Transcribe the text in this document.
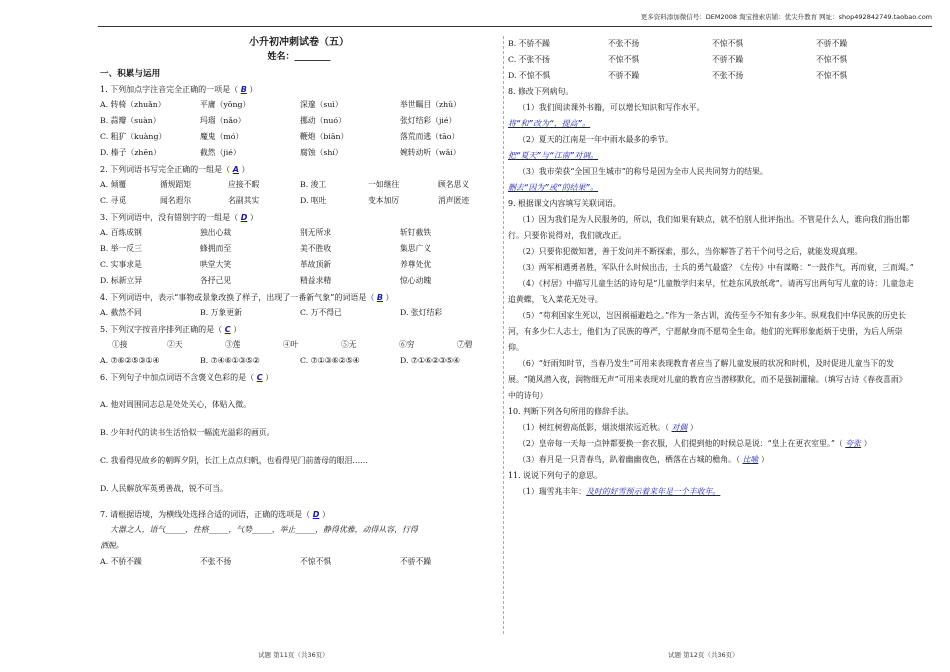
更多资料添加微信号：DEM2008 淘宝搜索店铺：优尖升教育 网址：shop492842749.taobao.com
小升初冲刺试卷（五）
姓名：________
一、积累与运用
1. 下列加点字注音完全正确的一项是（ B ）
A. 转椅（zhuǎn）	平庸（yōng）	深邃（suì）	举世瞩目（zhǔ）
B. 蒜瓣（suàn）	玛瑙（nǎo）	挪动（nuó）	张灯结彩（jié）
C. 粗犷（kuàng）	魔鬼（mó）	鞭炮（biān）	落荒而逃（tāo）
D. 榛子（zhēn）	截然（jié）	腐蚀（shí）	婉转动听（wǎi）
2. 下列词语书写完全正确的一组是（ A ）
A. 倾覆	循规蹈矩	应接不暇	B. 浚工	一如继往	顾名思义
C. 寻觅	闻名遐尔	名副其实	D. 呕吐	变本加厉	消声匿迹
3. 下列词语中，没有错别字的一组是（ D ）
A. 百炼成钢	独出心裁	别无所求	斩钉截铁
B. 举一反三	蜂拥而至	美不胜收	集思广义
C. 实事求是	哄堂大笑	革故顶新	养尊处优
D. 标新立异	各抒己见	精益求精	惊心动魄
4. 下列词语中，表示“事物或景象改换了样子，出现了一番新气象”的词语是（ B ）
A. 截然不同	B. 万象更新	C. 万不得已	D. 张灯结彩
5. 下列汉字按音序排列正确的是（ C ）
①接	②天	③莲	④叶	⑤无	⑥穷	⑦碧
A. ⑦⑥②⑤③①④	B. ⑦④⑥①③⑤②	C. ⑦①③⑥②⑤④	D. ⑦①⑥②③⑤④
6. 下列句子中加点词语不含褒义色彩的是（ C ）
A. 他对周围同志总是处处关心，体贴入微。
B. 少年时代的读书生活恰似一幅流光溢彩的画页。
C. 我看得见故乡的朝晖夕阴，长江上点点归帆，也看得见门前蔷母的眼泪……
D. 人民解放军英勇善战，锐不可当。
7. 请根据语境，为横线处选择合适的词语，正确的选项是（ D ）
大器之人，语气_____，性格_____，气势_____，举止_____，静得优雅，动得从容，行得
洒脱。
A. 不骄不躁	不张不扬	不惊不惧	不骄不躁
试题 第11页（共36页）
B. 不骄不躁	不张不扬	不惊不惧	不骄不躁
C. 不张不扬	不惊不惧	不骄不躁	不惊不惧
D. 不惊不惧	不骄不躁	不张不扬	不惊不惧
8. 修改下列病句。
（1）我们阅读课外书籍，可以增长知识和写作水平。
将“和”改为“，提高”。
（2）夏天的江南是一年中雨水最多的季节。
把“夏天”与“江南”对调。
（3）我市荣获“全国卫生城市”的称号是因为全市人民共同努力的结果。
删去“因为”或“的结果”。
9. 根据课文内容填写关联词语。
（1）因为我们是为人民服务的，所以，我们如果有缺点，就不怕别人批评指出。不管是什么人，谁向我们指出都行。只要你说得对，我们就改正。
（2）只要你犯微知著，善于发问并不断探索，那么，当你解答了若干个问号之后，就能发现真理。
（3）两军相遇勇者胜，军队什么时候出击，士兵的勇气最盛？《左传》中有谋略：“一鼓作气，再而衰，三而竭。”
（4）《村居》中描写儿童生活的诗句是“儿童散学归来早，忙趁东风放纸鸢”。请再写出两句写儿童的诗：儿童急走追黄蝶，飞入菜花无处寻。
（5）“苟利国家生死以，岂因祸福避趋之。”作为一条古训，流传至今不知有多少年。纵观我们中华民族的历史长河，有多少仁人志士，他们为了民族的尊严，宁愿献身而不愿苟全生命。他们的光辉形象彪炳于史册，为后人所崇仰。
（6）“好雨知时节，当春乃发生”可用来表现教育者应当了解儿童发展的状况和时机，及时促进儿童当下的发展。“随风潜入夜，润物细无声”可用来表现对儿童的教育应当潜移默化，而不是强制灌输。（填写古诗《春夜喜雨》中的诗句）
10. 判断下列各句所用的修辞手法。
（1）树红树碧高低影，烟淡烟浓远近秋。（ 对偶 ）
（2）皇帝每一天每一点钟都要换一套衣服，人们提到他的时候总是说：“皇上在更衣室里。”（ 夸张 ）
（3）春月是一只青春鸟，趴着幽幽夜色，栖落在古城的檐角。（ 比喻 ）
11. 说说下列句子的意思。
（1）瑞雪兆丰年：及时的好雪预示着来年是一个丰收年。
试题 第12页（共36页）
